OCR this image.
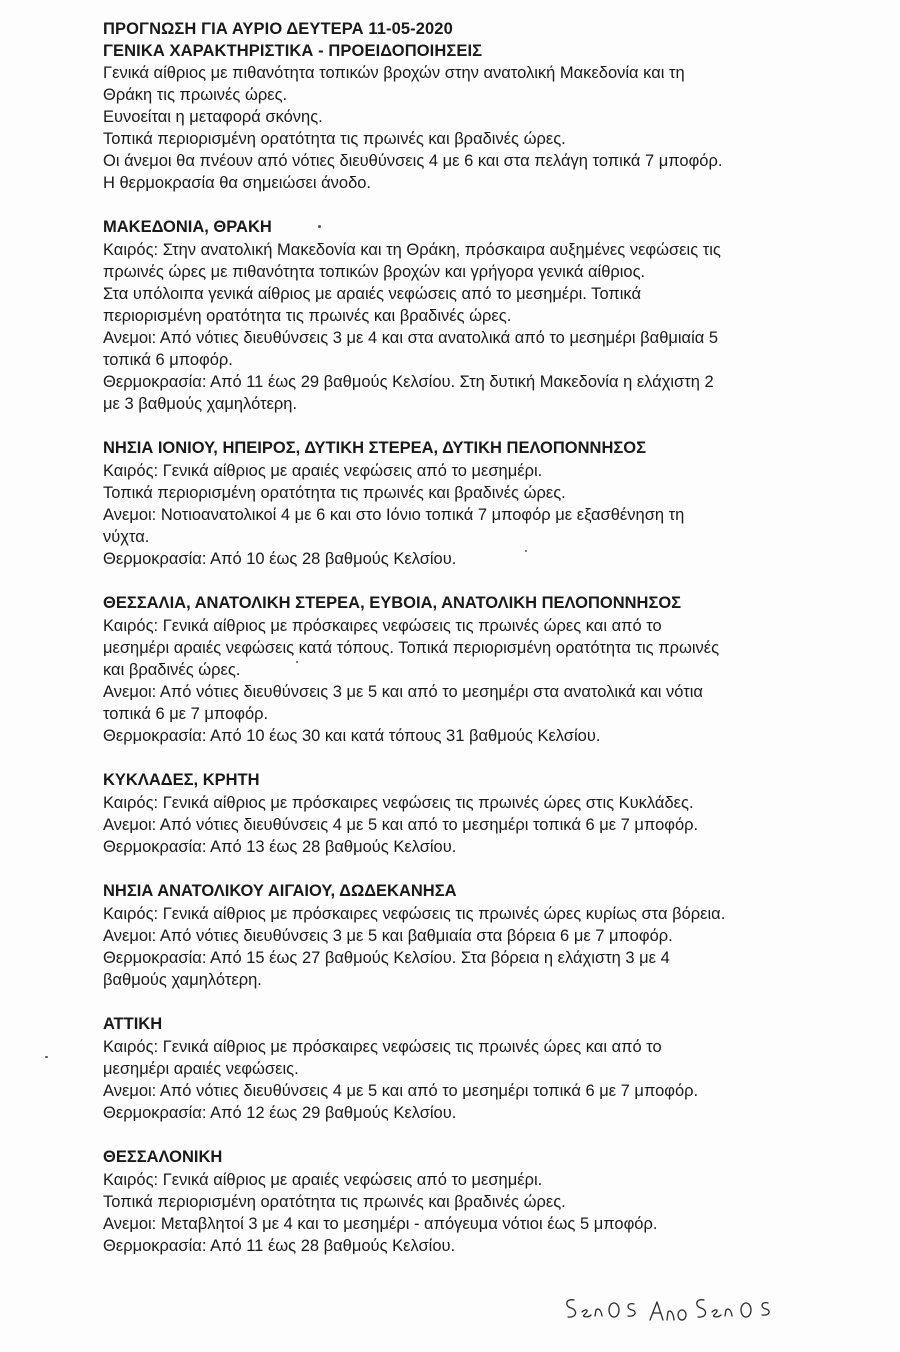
ΠΡΟΓΝΩΣΗ ΓΙΑ ΑΥΡΙΟ ΔΕΥΤΕΡΑ 11-05-2020

ΓΕΝΙΚΑ ΧΑΡΑΚΤΗΡΙΣΤΙΚΑ - ΠΡΟΕΙΔΟΠΟΙΗΣΕΙΣ

Γενικά αίθριος με πιθανότητα τοπικών βροχών στην ανατολική Μακεδονία και τη

Θράκη τις πρωινές ώρες.

Ευνοείται η μεταφορά σκόνης.

Τοπικά περιορισμένη ορατότητα τις πρωινές και βραδινές ώρες.

Οι άνεμοι θα πνέουν από νότιες διευθύνσεις 4 με 6 και στα πελάγη τοπικά 7 μποφόρ.

Η θερμοκρασία θα σημειώσει άνοδο.

ΜΑΚΕΔΟΝΙΑ, ΘΡΑΚΗ

Καιρός: Στην ανατολική Μακεδονία και τη Θράκη, πρόσκαιρα αυξημένες νεφώσεις τις

πρωινές ώρες με πιθανότητα τοπικών βροχών και γρήγορα γενικά αίθριος.

Στα υπόλοιπα γενικά αίθριος με αραιές νεφώσεις από το μεσημέρι. Τοπικά

περιορισμένη ορατότητα τις πρωινές και βραδινές ώρες.

Ανεμοι: Από νότιες διευθύνσεις 3 με 4 και στα ανατολικά από το μεσημέρι βαθμιαία 5

τοπικά 6 μποφόρ.

Θερμοκρασία: Από 11 έως 29 βαθμούς Κελσίου. Στη δυτική Μακεδονία η ελάχιστη 2

με 3 βαθμούς χαμηλότερη.

ΝΗΣΙΑ ΙΟΝΙΟΥ, ΗΠΕΙΡΟΣ, ΔΥΤΙΚΗ ΣΤΕΡΕΑ, ΔΥΤΙΚΗ ΠΕΛΟΠΟΝΝΗΣΟΣ

Καιρός: Γενικά αίθριος με αραιές νεφώσεις από το μεσημέρι.

Τοπικά περιορισμένη ορατότητα τις πρωινές και βραδινές ώρες.

Ανεμοι: Νοτιοανατολικοί 4 με 6 και στο Ιόνιο τοπικά 7 μποφόρ με εξασθένηση τη

νύχτα.

Θερμοκρασία: Από 10 έως 28 βαθμούς Κελσίου.

ΘΕΣΣΑΛΙΑ, ΑΝΑΤΟΛΙΚΗ ΣΤΕΡΕΑ, ΕΥΒΟΙΑ, ΑΝΑΤΟΛΙΚΗ ΠΕΛΟΠΟΝΝΗΣΟΣ

Καιρός: Γενικά αίθριος με πρόσκαιρες νεφώσεις τις πρωινές ώρες και από το

μεσημέρι αραιές νεφώσεις κατά τόπους. Τοπικά περιορισμένη ορατότητα τις πρωινές

και βραδινές ώρες.

Ανεμοι: Από νότιες διευθύνσεις 3 με 5 και από το μεσημέρι στα ανατολικά και νότια

τοπικά 6 με 7 μποφόρ.

Θερμοκρασία: Από 10 έως 30 και κατά τόπους 31 βαθμούς Κελσίου.

ΚΥΚΛΑΔΕΣ, ΚΡΗΤΗ

Καιρός: Γενικά αίθριος με πρόσκαιρες νεφώσεις τις πρωινές ώρες στις Κυκλάδες.

Ανεμοι: Από νότιες διευθύνσεις 4 με 5 και από το μεσημέρι τοπικά 6 με 7 μποφόρ.

Θερμοκρασία: Από 13 έως 28 βαθμούς Κελσίου.

ΝΗΣΙΑ ΑΝΑΤΟΛΙΚΟΥ ΑΙΓΑΙΟΥ, ΔΩΔΕΚΑΝΗΣΑ

Καιρός: Γενικά αίθριος με πρόσκαιρες νεφώσεις τις πρωινές ώρες κυρίως στα βόρεια.

Ανεμοι: Από νότιες διευθύνσεις 3 με 5 και βαθμιαία στα βόρεια 6 με 7 μποφόρ.

Θερμοκρασία: Από 15 έως 27 βαθμούς Κελσίου. Στα βόρεια η ελάχιστη 3 με 4

βαθμούς χαμηλότερη.

ΑΤΤΙΚΗ

Καιρός: Γενικά αίθριος με πρόσκαιρες νεφώσεις τις πρωινές ώρες και από το

μεσημέρι αραιές νεφώσεις.

Ανεμοι: Από νότιες διευθύνσεις 4 με 5 και από το μεσημέρι τοπικά 6 με 7 μποφόρ.

Θερμοκρασία: Από 12 έως 29 βαθμούς Κελσίου.

ΘΕΣΣΑΛΟΝΙΚΗ

Καιρός: Γενικά αίθριος με αραιές νεφώσεις από το μεσημέρι.

Τοπικά περιορισμένη ορατότητα τις πρωινές και βραδινές ώρες.

Ανεμοι: Μεταβλητοί 3 με 4 και το μεσημέρι - απόγευμα νότιοι έως 5 μποφόρ.

Θερμοκρασία: Από 11 έως 28 βαθμούς Κελσίου.
